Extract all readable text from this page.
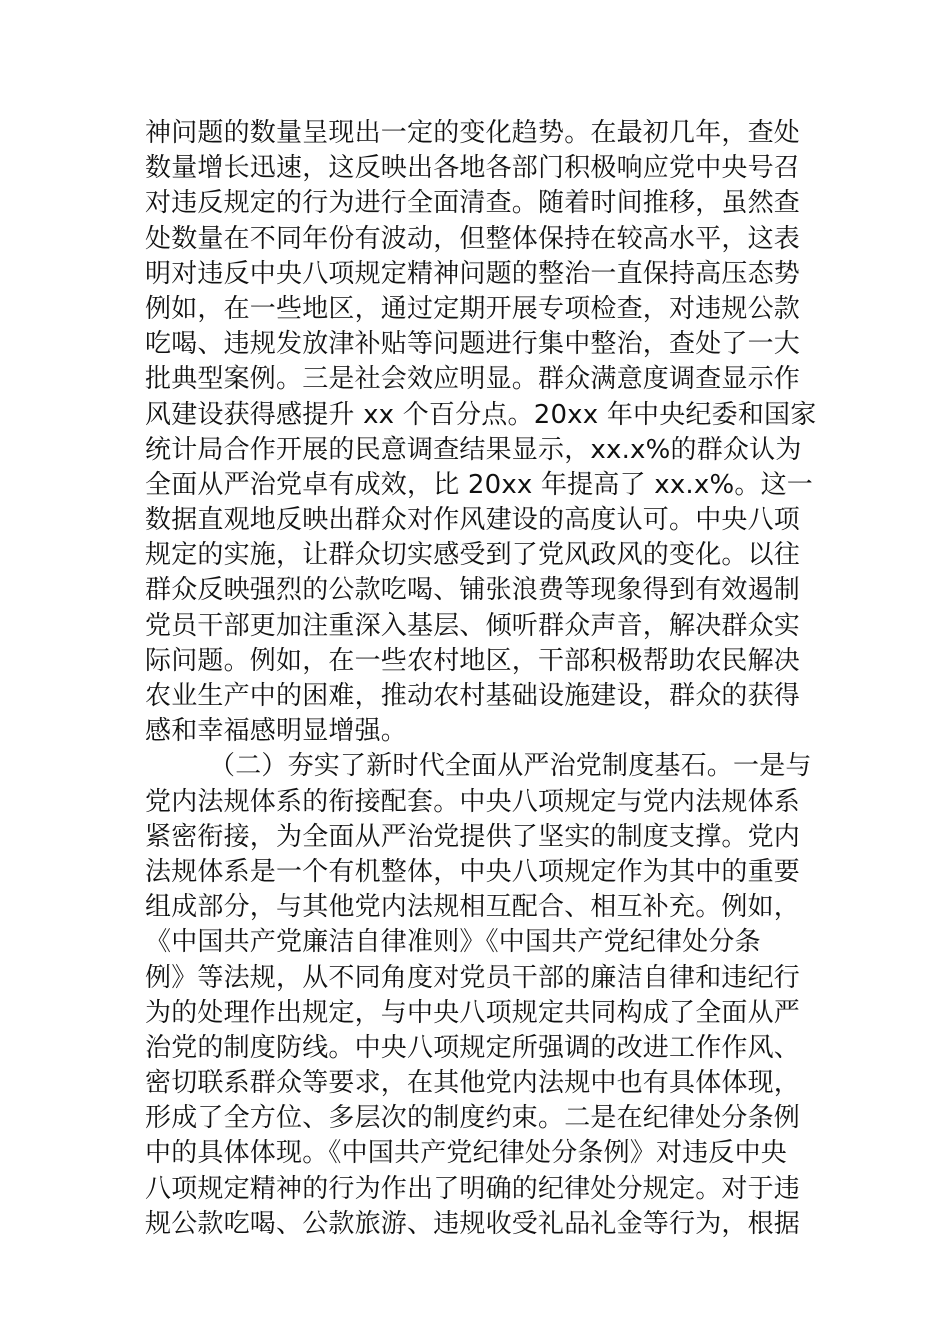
神问题的数量呈现出一定的变化趋势。在最初几年，查处
数量增长迅速，这反映出各地各部门积极响应党中央号召
对违反规定的行为进行全面清查。随着时间推移，虽然查
处数量在不同年份有波动，但整体保持在较高水平，这表
明对违反中央八项规定精神问题的整治一直保持高压态势
例如，在一些地区，通过定期开展专项检查，对违规公款
吃喝、违规发放津补贴等问题进行集中整治，查处了一大
批典型案例。三是社会效应明显。群众满意度调查显示作
风建设获得感提升 xx 个百分点。20xx 年中央纪委和国家
统计局合作开展的民意调查结果显示，xx.x%的群众认为
全面从严治党卓有成效，比 20xx 年提高了 xx.x%。这一
数据直观地反映出群众对作风建设的高度认可。中央八项
规定的实施，让群众切实感受到了党风政风的变化。以往
群众反映强烈的公款吃喝、铺张浪费等现象得到有效遏制
党员干部更加注重深入基层、倾听群众声音，解决群众实
际问题。例如，在一些农村地区，干部积极帮助农民解决
农业生产中的困难，推动农村基础设施建设，群众的获得
感和幸福感明显增强。
（二）夯实了新时代全面从严治党制度基石。一是与
党内法规体系的衔接配套。中央八项规定与党内法规体系
紧密衔接，为全面从严治党提供了坚实的制度支撑。党内
法规体系是一个有机整体，中央八项规定作为其中的重要
组成部分，与其他党内法规相互配合、相互补充。例如，
《中国共产党廉洁自律准则》《中国共产党纪律处分条
例》等法规，从不同角度对党员干部的廉洁自律和违纪行
为的处理作出规定，与中央八项规定共同构成了全面从严
治党的制度防线。中央八项规定所强调的改进工作作风、
密切联系群众等要求，在其他党内法规中也有具体体现，
形成了全方位、多层次的制度约束。二是在纪律处分条例
中的具体体现。《中国共产党纪律处分条例》对违反中央
八项规定精神的行为作出了明确的纪律处分规定。对于违
规公款吃喝、公款旅游、违规收受礼品礼金等行为，根据
